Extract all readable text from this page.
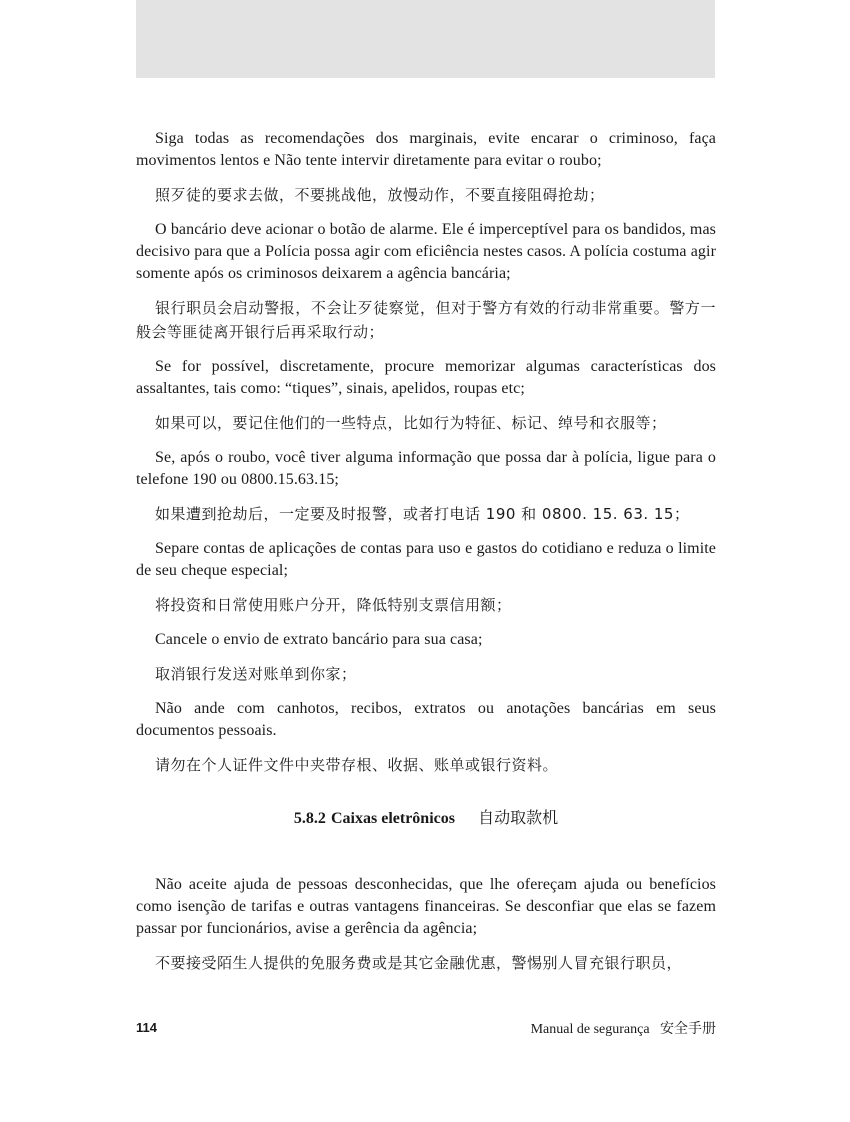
Siga todas as recomendações dos marginais, evite encarar o criminoso, faça movimentos lentos e Não tente intervir diretamente para evitar o roubo;

照歹徒的要求去做，不要挑战他，放慢动作，不要直接阻碍抢劫；

O bancário deve acionar o botão de alarme. Ele é imperceptível para os bandidos, mas decisivo para que a Polícia possa agir com eficiência nestes casos. A polícia costuma agir somente após os criminosos deixarem a agência bancária;

银行职员会启动警报，不会让歹徒察觉，但对于警方有效的行动非常重要。警方一般会等匪徒离开银行后再采取行动；

Se for possível, discretamente, procure memorizar algumas características dos assaltantes, tais como: “tiques”, sinais, apelidos, roupas etc;

如果可以，要记住他们的一些特点，比如行为特征、标记、绰号和衣服等；

Se, após o roubo, você tiver alguma informação que possa dar à polícia, ligue para o telefone 190 ou 0800.15.63.15;

如果遭到抢劫后，一定要及时报警，或者打电话 190 和 0800. 15. 63. 15；

Separe contas de aplicações de contas para uso e gastos do cotidiano e reduza o limite de seu cheque especial;

将投资和日常使用账户分开，降低特别支票信用额；

Cancele o envio de extrato bancário para sua casa;

取消银行发送对账单到你家；

Não ande com canhotos, recibos, extratos ou anotações bancárias em seus documentos pessoais.

请勿在个人证件文件中夹带存根、收据、账单或银行资料。

5.8.2 Caixas eletrônicos 自动取款机

Não aceite ajuda de pessoas desconhecidas, que lhe ofereçam ajuda ou benefícios como isenção de tarifas e outras vantagens financeiras. Se desconfiar que elas se fazem passar por funcionários, avise a gerência da agência;

不要接受陌生人提供的免服务费或是其它金融优惠，警惕别人冒充银行职员，

114	Manual de segurança 安全手册
